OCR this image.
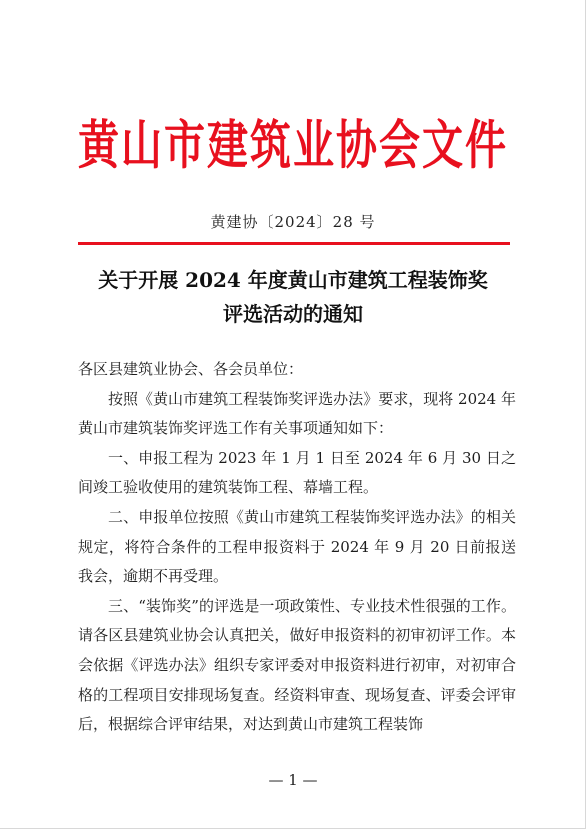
黄山市建筑业协会文件
黄建协〔2024〕28 号
关于开展 2024 年度黄山市建筑工程装饰奖
评选活动的通知

各区县建筑业协会、各会员单位：

按照《黄山市建筑工程装饰奖评选办法》要求，现将 2024 年黄山市建筑装饰奖评选工作有关事项通知如下：

一、申报工程为 2023 年 1 月 1 日至 2024 年 6 月 30 日之间竣工验收使用的建筑装饰工程、幕墙工程。

二、申报单位按照《黄山市建筑工程装饰奖评选办法》的相关规定，将符合条件的工程申报资料于 2024 年 9 月 20 日前报送我会，逾期不再受理。

三、“装饰奖”的评选是一项政策性、专业技术性很强的工作。请各区县建筑业协会认真把关，做好申报资料的初审初评工作。本会依据《评选办法》组织专家评委对申报资料进行初审，对初审合格的工程项目安排现场复查。经资料审查、现场复查、评委会评审后，根据综合评审结果，对达到黄山市建筑工程装饰

— 1 —
